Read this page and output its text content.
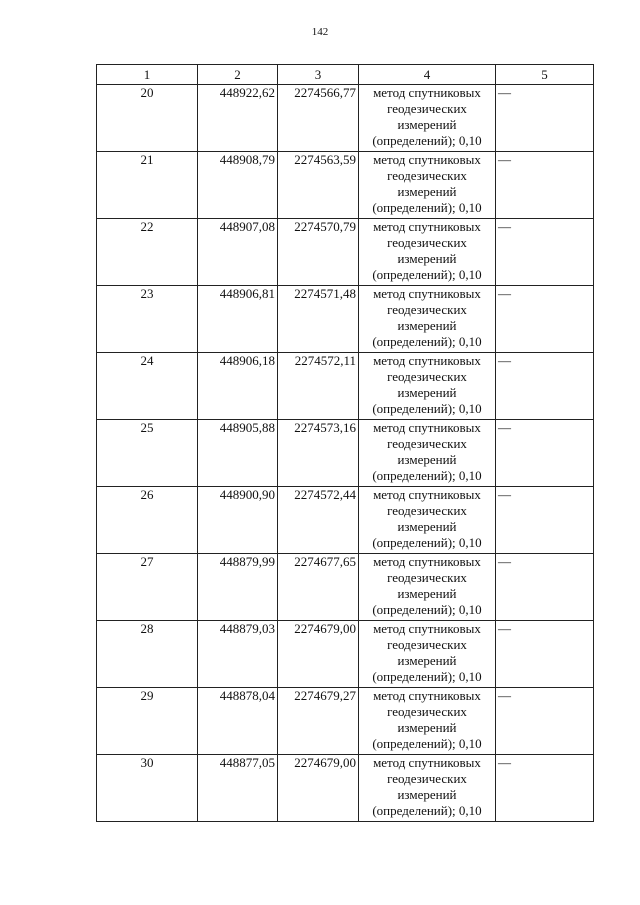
142
1	2	3	4	5
20	448922,62	2274566,77	метод спутниковых
геодезических
измерений
(определений); 0,10	—
21	448908,79	2274563,59	метод спутниковых
геодезических
измерений
(определений); 0,10	—
22	448907,08	2274570,79	метод спутниковых
геодезических
измерений
(определений); 0,10	—
23	448906,81	2274571,48	метод спутниковых
геодезических
измерений
(определений); 0,10	—
24	448906,18	2274572,11	метод спутниковых
геодезических
измерений
(определений); 0,10	—
25	448905,88	2274573,16	метод спутниковых
геодезических
измерений
(определений); 0,10	—
26	448900,90	2274572,44	метод спутниковых
геодезических
измерений
(определений); 0,10	—
27	448879,99	2274677,65	метод спутниковых
геодезических
измерений
(определений); 0,10	—
28	448879,03	2274679,00	метод спутниковых
геодезических
измерений
(определений); 0,10	—
29	448878,04	2274679,27	метод спутниковых
геодезических
измерений
(определений); 0,10	—
30	448877,05	2274679,00	метод спутниковых
геодезических
измерений
(определений); 0,10	—
